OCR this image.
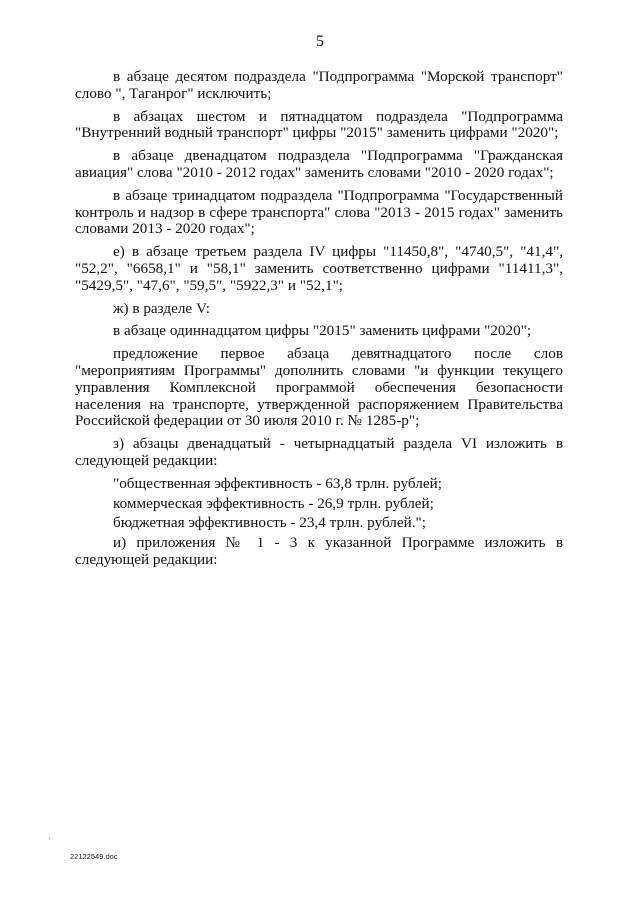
5

в абзаце десятом подраздела "Подпрограмма "Морской транспорт" слово ", Таганрог" исключить;

в абзацах шестом и пятнадцатом подраздела "Подпрограмма "Внутренний водный транспорт" цифры "2015" заменить цифрами "2020";

в абзаце двенадцатом подраздела "Подпрограмма "Гражданская авиация" слова "2010 - 2012 годах" заменить словами "2010 - 2020 годах";

в абзаце тринадцатом подраздела "Подпрограмма "Государственный контроль и надзор в сфере транспорта" слова "2013 - 2015 годах" заменить словами 2013 - 2020 годах";

е) в абзаце третьем раздела IV цифры "11450,8", "4740,5", "41,4", "52,2", "6658,1" и "58,1" заменить соответственно цифрами "11411,3", "5429,5", "47,6", "59,5", "5922,3" и "52,1";

ж) в разделе V:

в абзаце одиннадцатом цифры "2015" заменить цифрами "2020";

предложение первое абзаца девятнадцатого после слов "мероприятиям Программы" дополнить словами "и функции текущего управления Комплексной программой обеспечения безопасности населения на транспорте, утвержденной распоряжением Правительства Российской федерации от 30 июля 2010 г. № 1285-р";

з) абзацы двенадцатый - четырнадцатый раздела VI изложить в следующей редакции:

"общественная эффективность - 63,8 трлн. рублей;

коммерческая эффективность - 26,9 трлн. рублей;

бюджетная эффективность - 23,4 трлн. рублей.";

и) приложения № 1 - 3 к указанной Программе изложить в следующей редакции:

22122549.doc
